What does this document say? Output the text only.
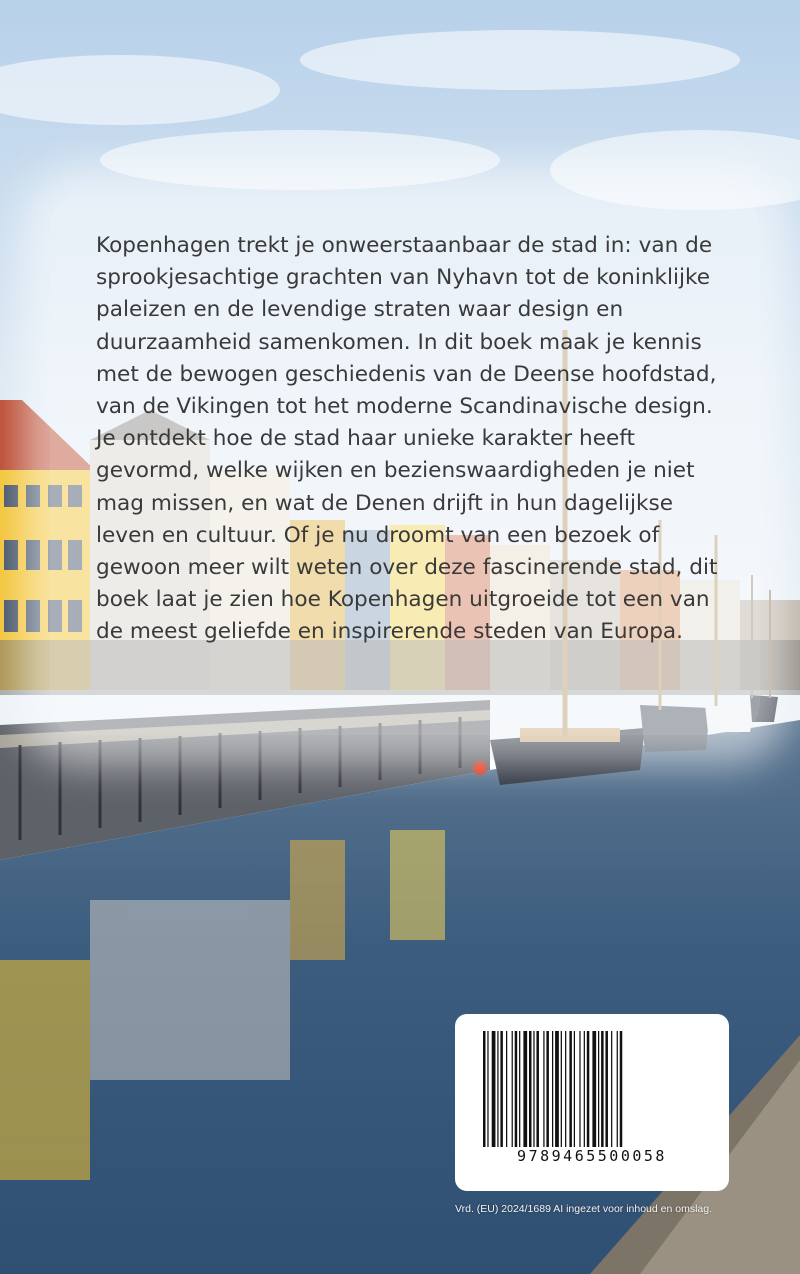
Kopenhagen trekt je onweerstaanbaar de stad in: van de sprookjesachtige grachten van Nyhavn tot de koninklijke paleizen en de levendige straten waar design en duurzaamheid samenkomen. In dit boek maak je kennis met de bewogen geschiedenis van de Deense hoofdstad, van de Vikingen tot het moderne Scandinavische design. Je ontdekt hoe de stad haar unieke karakter heeft gevormd, welke wijken en bezienswaardigheden je niet mag missen, en wat de Denen drijft in hun dagelijkse leven en cultuur. Of je nu droomt van een bezoek of gewoon meer wilt weten over deze fascinerende stad, dit boek laat je zien hoe Kopenhagen uitgroeide tot een van de meest geliefde en inspirerende steden van Europa.

9789465500058
Vrd. (EU) 2024/1689 AI ingezet voor inhoud en omslag.
